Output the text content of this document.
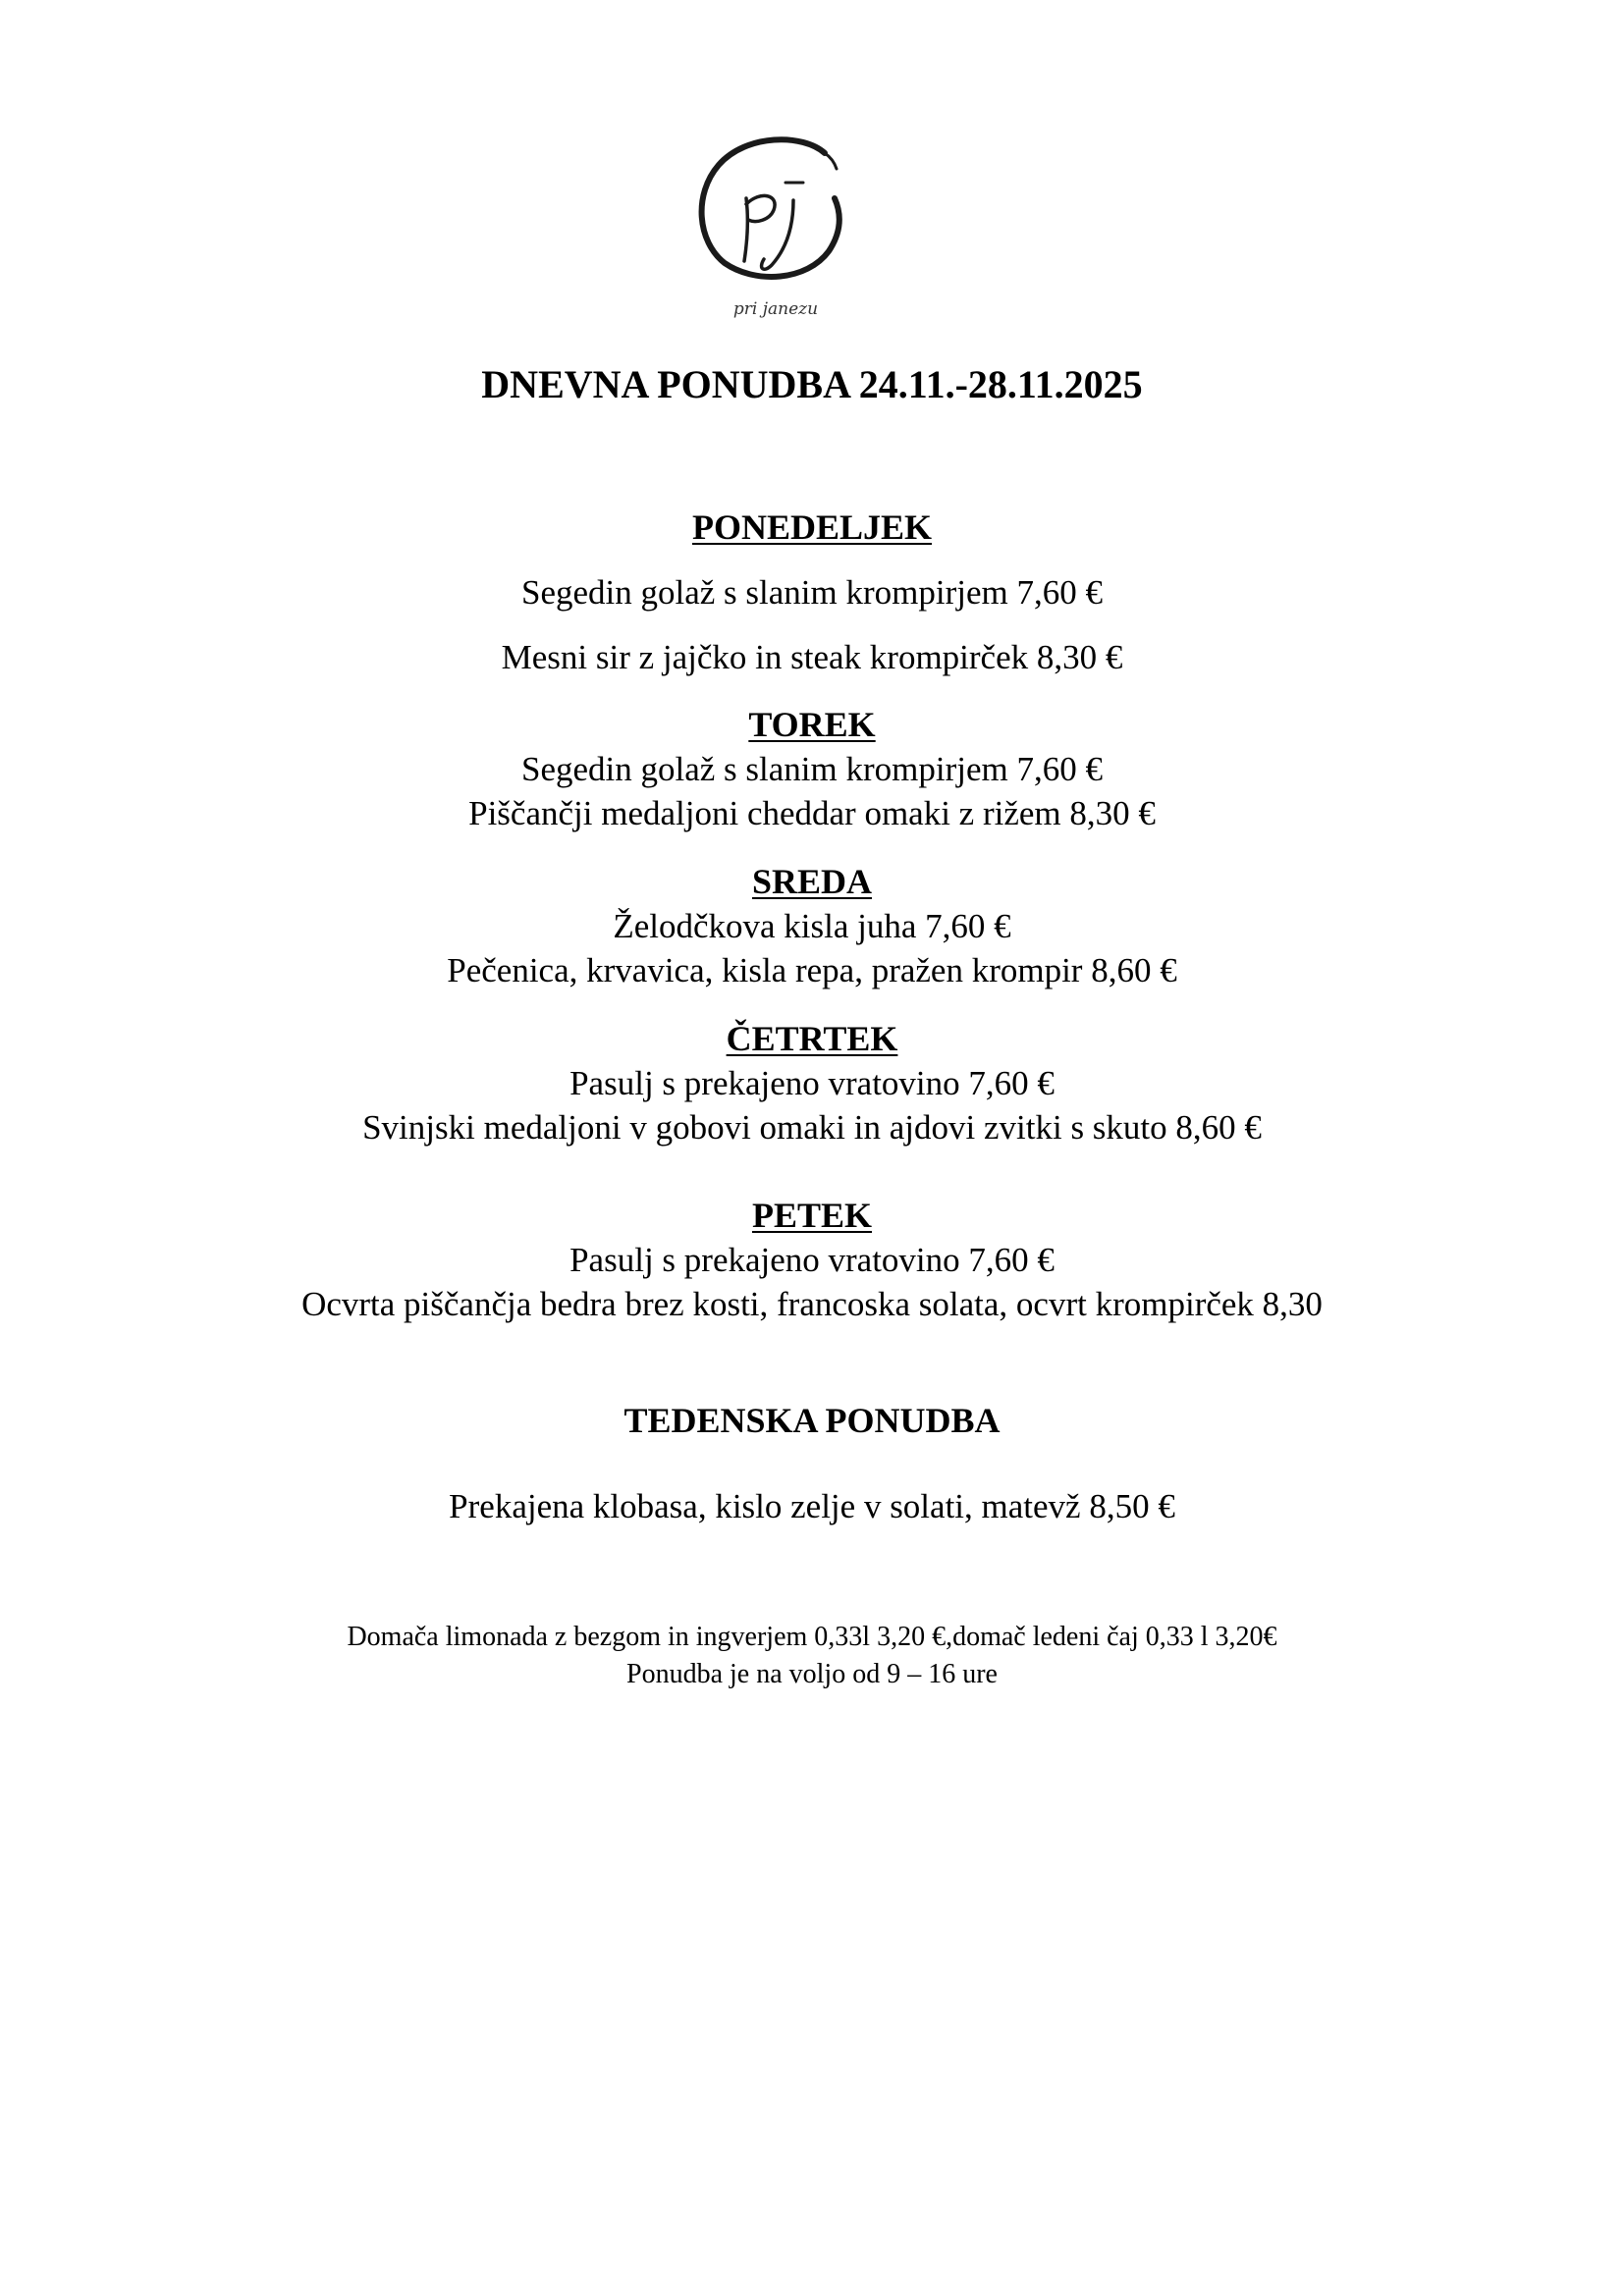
pri janezu
DNEVNA PONUDBA 24.11.-28.11.2025
PONEDELJEK
Segedin golaž s slanim krompirjem 7,60 €
Mesni sir z jajčko in steak krompirček 8,30 €
TOREK
Segedin golaž s slanim krompirjem 7,60 €
Piščančji medaljoni cheddar omaki z rižem 8,30 €
SREDA
Želodčkova kisla juha 7,60 €
Pečenica, krvavica, kisla repa, pražen krompir 8,60 €
ČETRTEK
Pasulj s prekajeno vratovino 7,60 €
Svinjski medaljoni v gobovi omaki in ajdovi zvitki s skuto 8,60 €
PETEK
Pasulj s prekajeno vratovino 7,60 €
Ocvrta piščančja bedra brez kosti, francoska solata, ocvrt krompirček 8,30
TEDENSKA PONUDBA
Prekajena klobasa, kislo zelje v solati, matevž 8,50 €
Domača limonada z bezgom in ingverjem 0,33l 3,20 €,domač ledeni čaj 0,33 l 3,20€
Ponudba je na voljo od 9 – 16 ure
